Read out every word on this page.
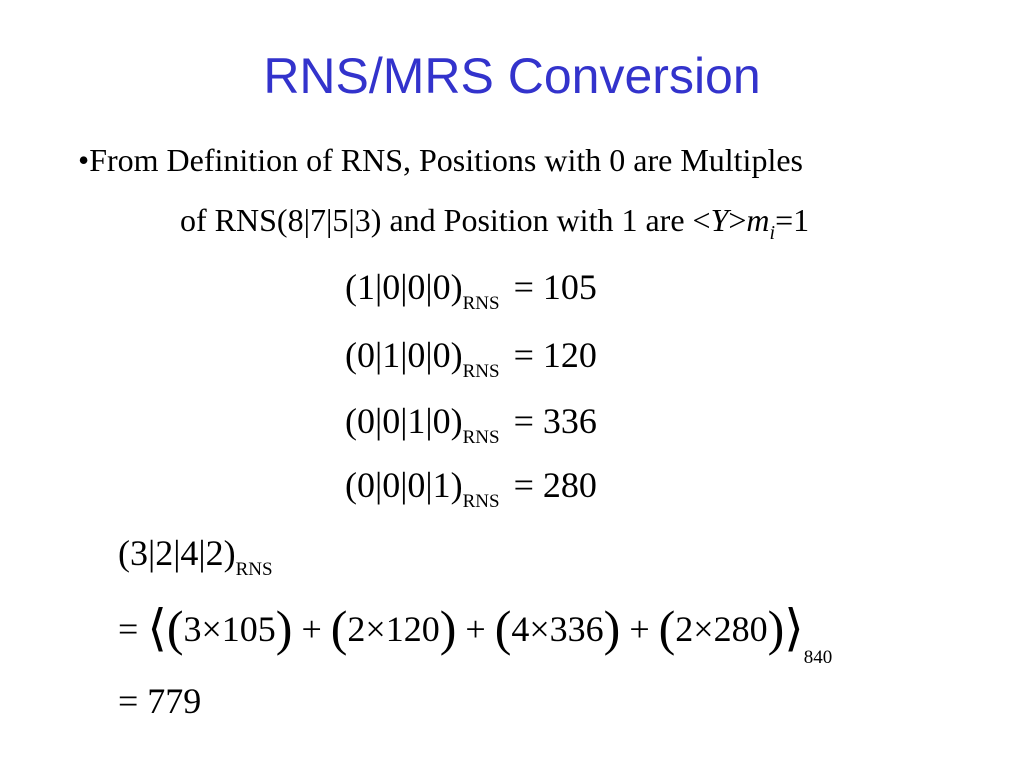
RNS/MRS Conversion
•From Definition of RNS, Positions with 0 are Multiples
of RNS(8|7|5|3) and Position with 1 are $<Y>m_i=1$
$(1|0|0|0)_{RNS} = 105$
$(0|1|0|0)_{RNS} = 120$
$(0|0|1|0)_{RNS} = 336$
$(0|0|0|1)_{RNS} = 280$
$(3|2|4|2)_{RNS}$
= ⟨(3×105) + $(2\times 120) + (4\times 336) + (2\times 280)⟩_{840}$
= 779
